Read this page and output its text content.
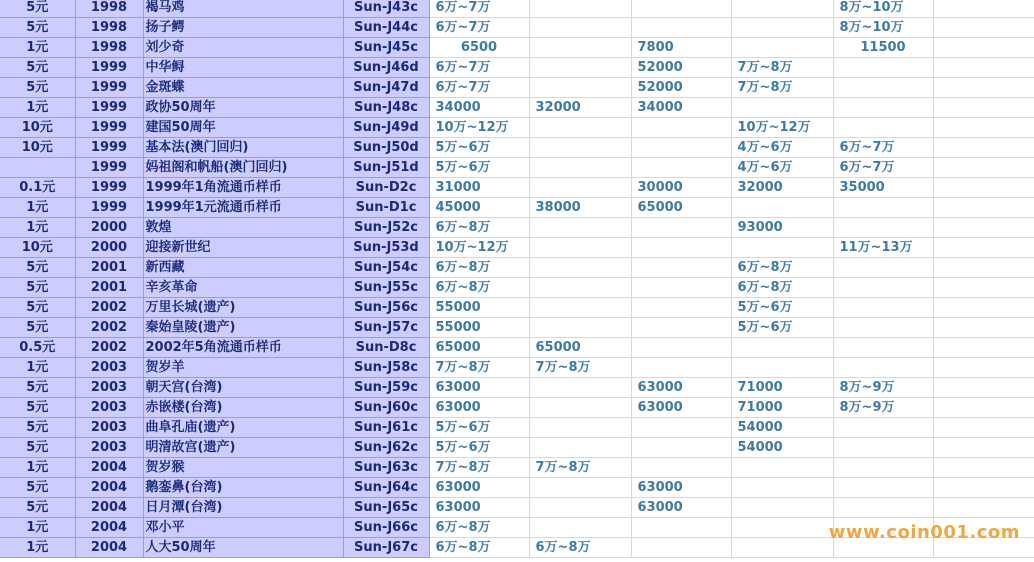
5元	1998	褐马鸡	Sun-J43c	6万~7万				8万~10万	
5元	1998	扬子鳄	Sun-J44c	6万~7万				8万~10万	
1元	1998	刘少奇	Sun-J45c	6500		7800		11500	
5元	1999	中华鲟	Sun-J46d	6万~7万		52000	7万~8万		
5元	1999	金斑蝶	Sun-J47d	6万~7万		52000	7万~8万		
1元	1999	政协50周年	Sun-J48c	34000	32000	34000			
10元	1999	建国50周年	Sun-J49d	10万~12万			10万~12万		
10元	1999	基本法(澳门回归)	Sun-J50d	5万~6万			4万~6万	6万~7万	
	1999	妈祖阁和帆船(澳门回归)	Sun-J51d	5万~6万			4万~6万	6万~7万	
0.1元	1999	1999年1角流通币样币	Sun-D2c	31000		30000	32000	35000	
1元	1999	1999年1元流通币样币	Sun-D1c	45000	38000	65000			
1元	2000	敦煌	Sun-J52c	6万~8万			93000		
10元	2000	迎接新世纪	Sun-J53d	10万~12万				11万~13万	
5元	2001	新西藏	Sun-J54c	6万~8万			6万~8万		
5元	2001	辛亥革命	Sun-J55c	6万~8万			6万~8万		
5元	2002	万里长城(遗产)	Sun-J56c	55000			5万~6万		
5元	2002	秦始皇陵(遗产)	Sun-J57c	55000			5万~6万		
0.5元	2002	2002年5角流通币样币	Sun-D8c	65000	65000				
1元	2003	贺岁羊	Sun-J58c	7万~8万	7万~8万				
5元	2003	朝天宫(台湾)	Sun-J59c	63000		63000	71000	8万~9万	
5元	2003	赤嵌楼(台湾)	Sun-J60c	63000		63000	71000	8万~9万	
5元	2003	曲阜孔庙(遗产)	Sun-J61c	5万~6万			54000		
5元	2003	明清故宫(遗产)	Sun-J62c	5万~6万			54000		
1元	2004	贺岁猴	Sun-J63c	7万~8万	7万~8万				
5元	2004	鹅銮鼻(台湾)	Sun-J64c	63000		63000			
5元	2004	日月潭(台湾)	Sun-J65c	63000		63000			
1元	2004	邓小平	Sun-J66c	6万~8万					
1元	2004	人大50周年	Sun-J67c	6万~8万	6万~8万				
www.coin001.com
